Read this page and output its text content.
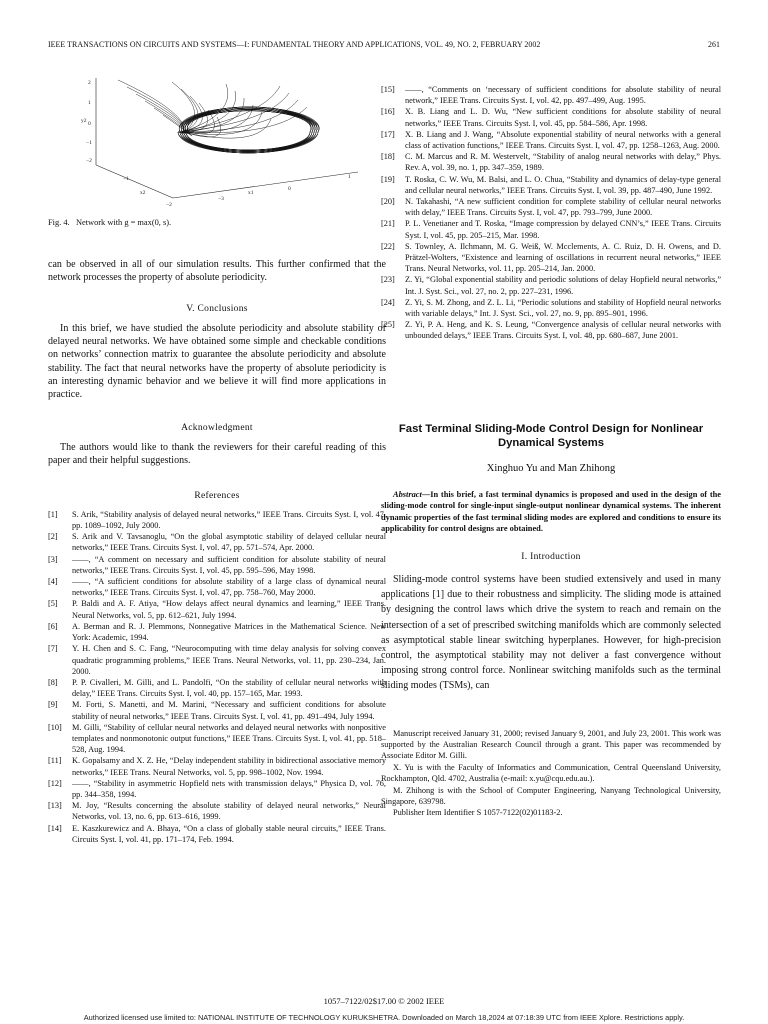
IEEE TRANSACTIONS ON CIRCUITS AND SYSTEMS—I: FUNDAMENTAL THEORY AND APPLICATIONS, VOL. 49, NO. 2, FEBRUARY 2002	261
2
1
y2 0
−1
−2
x2
−2
−3
x1
0
1
−1
Fig. 4. Network with g = max(0, s).

can be observed in all of our simulation results. This further confirmed that the network processes the property of absolute periodicity.

V. Conclusions

In this brief, we have studied the absolute periodicity and absolute stability of delayed neural networks. We have obtained some simple and checkable conditions on networks’ connection matrix to guarantee the absolute periodicity and absolute stability. The fact that neural networks have the property of absolute periodicity is an interesting dynamic behavior and we believe it will find more applications in practice.

Acknowledgment

The authors would like to thank the reviewers for their careful reading of this paper and their helpful suggestions.

References

[1]	S. Arik, “Stability analysis of delayed neural networks,” IEEE Trans. Circuits Syst. I, vol. 47, pp. 1089–1092, July 2000.
[2]	S. Arik and V. Tavsanoglu, “On the global asymptotic stability of delayed cellular neural networks,” IEEE Trans. Circuits Syst. I, vol. 47, pp. 571–574, Apr. 2000.
[3]	——, “A comment on necessary and sufficient condition for absolute stability of neural networks,” IEEE Trans. Circuits Syst. I, vol. 45, pp. 595–596, May 1998.
[4]	——, “A sufficient conditions for absolute stability of a large class of dynamical neural networks,” IEEE Trans. Circuits Syst. I, vol. 47, pp. 758–760, May 2000.
[5]	P. Baldi and A. F. Atiya, “How delays affect neural dynamics and learning,” IEEE Trans. Neural Networks, vol. 5, pp. 612–621, July 1994.
[6]	A. Berman and R. J. Plemmons, Nonnegative Matrices in the Mathematical Science. New York: Academic, 1994.
[7]	Y. H. Chen and S. C. Fang, “Neurocomputing with time delay analysis for solving convex quadratic programming problems,” IEEE Trans. Neural Networks, vol. 11, pp. 230–234, Jan. 2000.
[8]	P. P. Civalleri, M. Gilli, and L. Pandolfi, “On the stability of cellular neural networks with delay,” IEEE Trans. Circuits Syst. I, vol. 40, pp. 157–165, Mar. 1993.
[9]	M. Forti, S. Manetti, and M. Marini, “Necessary and sufficient conditions for absolute stability of neural networks,” IEEE Trans. Circuits Syst. I, vol. 41, pp. 491–494, July 1994.
[10]	M. Gilli, “Stability of cellular neural networks and delayed neural networks with nonpositive templates and nonmonotonic output functions,” IEEE Trans. Circuits Syst. I, vol. 41, pp. 518–528, Aug. 1994.
[11]	K. Gopalsamy and X. Z. He, “Delay independent stability in bidirectional associative memory networks,” IEEE Trans. Neural Networks, vol. 5, pp. 998–1002, Nov. 1994.
[12]	——, “Stability in asymmetric Hopfield nets with transmission delays,” Physica D, vol. 76, pp. 344–358, 1994.
[13]	M. Joy, “Results concerning the absolute stability of delayed neural networks,” Neural Networks, vol. 13, no. 6, pp. 613–616, 1999.
[14]	E. Kaszkurewicz and A. Bhaya, “On a class of globally stable neural circuits,” IEEE Trans. Circuits Syst. I, vol. 41, pp. 171–174, Feb. 1994.
[15]	——, “Comments on ‘necessary of sufficient conditions for absolute stability of neural network,” IEEE Trans. Circuits Syst. I, vol. 42, pp. 497–499, Aug. 1995.
[16]	X. B. Liang and L. D. Wu, “New sufficient conditions for absolute stability of neural networks,” IEEE Trans. Circuits Syst. I, vol. 45, pp. 584–586, Apr. 1998.
[17]	X. B. Liang and J. Wang, “Absolute exponential stability of neural networks with a general class of activation functions,” IEEE Trans. Circuits Syst. I, vol. 47, pp. 1258–1263, Aug. 2000.
[18]	C. M. Marcus and R. M. Westervelt, “Stability of analog neural networks with delay,” Phys. Rev. A, vol. 39, no. 1, pp. 347–359, 1989.
[19]	T. Roska, C. W. Wu, M. Balsi, and L. O. Chua, “Stability and dynamics of delay-type general and cellular neural networks,” IEEE Trans. Circuits Syst. I, vol. 39, pp. 487–490, June 1992.
[20]	N. Takahashi, “A new sufficient condition for complete stability of cellular neural networks with delay,” IEEE Trans. Circuits Syst. I, vol. 47, pp. 793–799, June 2000.
[21]	P. L. Venetianer and T. Roska, “Image compression by delayed CNN’s,” IEEE Trans. Circuits Syst. I, vol. 45, pp. 205–215, Mar. 1998.
[22]	S. Townley, A. Ilchmann, M. G. Weiß, W. Mcclements, A. C. Ruiz, D. H. Owens, and D. Prätzel-Wolters, “Existence and learning of oscillations in recurrent neural networks,” IEEE Trans. Neural Networks, vol. 11, pp. 205–214, Jan. 2000.
[23]	Z. Yi, “Global exponential stability and periodic solutions of delay Hopfield neural networks,” Int. J. Syst. Sci., vol. 27, no. 2, pp. 227–231, 1996.
[24]	Z. Yi, S. M. Zhong, and Z. L. Li, “Periodic solutions and stability of Hopfield neural networks with variable delays,” Int. J. Syst. Sci., vol. 27, no. 9, pp. 895–901, 1996.
[25]	Z. Yi, P. A. Heng, and K. S. Leung, “Convergence analysis of cellular neural networks with unbounded delays,” IEEE Trans. Circuits Syst. I, vol. 48, pp. 680–687, June 2001.

Fast Terminal Sliding-Mode Control Design for Nonlinear Dynamical Systems

Xinghuo Yu and Man Zhihong

Abstract—In this brief, a fast terminal dynamics is proposed and used in the design of the sliding-mode control for single-input single-output nonlinear dynamical systems. The inherent dynamic properties of the fast terminal sliding modes are explored and conditions to ensure its applicability for control designs are obtained.

I. Introduction

Sliding-mode control systems have been studied extensively and used in many applications [1] due to their robustness and simplicity. The sliding mode is attained by designing the control laws which drive the system to reach and remain on the intersection of a set of prescribed switching manifolds which are commonly selected as asymptotical stable linear switching hyperplanes. However, for high-precision control, the asymptotical stability may not deliver a fast convergence without imposing strong control force. Nonlinear switching manifolds such as the terminal sliding modes (TSMs), can

Manuscript received January 31, 2000; revised January 9, 2001, and July 23, 2001. This work was supported by the Australian Research Council through a grant. This paper was recommended by Associate Editor M. Gilli.

X. Yu is with the Faculty of Informatics and Communication, Central Queensland University, Rockhampton, Qld. 4702, Australia (e-mail: x.yu@cqu.edu.au.).

M. Zhihong is with the School of Computer Engineering, Nanyang Technological University, Singapore, 639798.

Publisher Item Identifier S 1057-7122(02)01183-2.

1057–7122/02$17.00 © 2002 IEEE
Authorized licensed use limited to: NATIONAL INSTITUTE OF TECHNOLOGY KURUKSHETRA. Downloaded on March 18,2024 at 07:18:39 UTC from IEEE Xplore. Restrictions apply.
